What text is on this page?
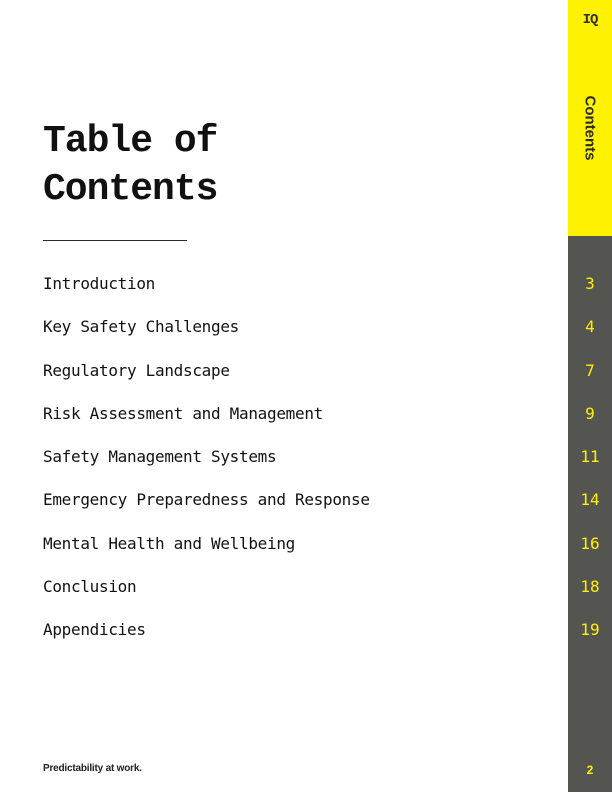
Table of
Contents
Introduction
Key Safety Challenges
Regulatory Landscape
Risk Assessment and Management
Safety Management Systems
Emergency Preparedness and Response
Mental Health and Wellbeing
Conclusion
Appendicies
IQ
Contents
3
4
7
9
11
14
16
18
19
2
Predictability at work.
